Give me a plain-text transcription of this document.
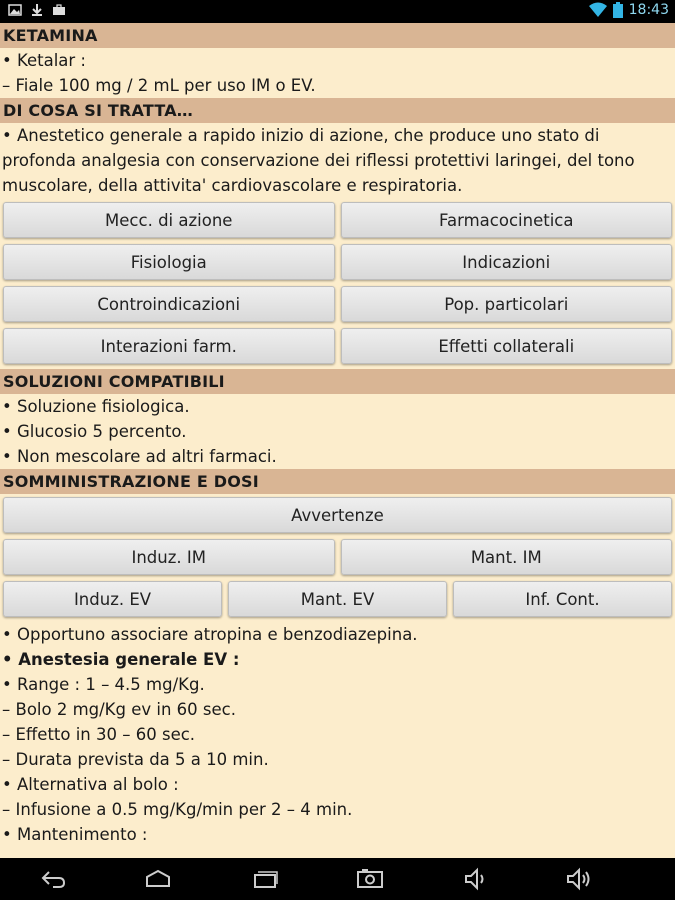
18:43
KETAMINA
• Ketalar :
– Fiale 100 mg / 2 mL per uso IM o EV.
DI COSA SI TRATTA…
• Anestetico generale a rapido inizio di azione, che produce uno stato di
profonda analgesia con conservazione dei riflessi protettivi laringei, del tono
muscolare, della attivita' cardiovascolare e respiratoria.
Mecc. di azione	Farmacocinetica
Fisiologia	Indicazioni
Controindicazioni	Pop. particolari
Interazioni farm.	Effetti collaterali
SOLUZIONI COMPATIBILI
• Soluzione fisiologica.
• Glucosio 5 percento.
• Non mescolare ad altri farmaci.
SOMMINISTRAZIONE E DOSI
Avvertenze
Induz. IM	Mant. IM
Induz. EV	Mant. EV	Inf. Cont.
• Opportuno associare atropina e benzodiazepina.
• Anestesia generale EV :
• Range : 1 – 4.5 mg/Kg.
– Bolo 2 mg/Kg ev in 60 sec.
– Effetto in 30 – 60 sec.
– Durata prevista da 5 a 10 min.
• Alternativa al bolo :
– Infusione a 0.5 mg/Kg/min per 2 – 4 min.
• Mantenimento :
